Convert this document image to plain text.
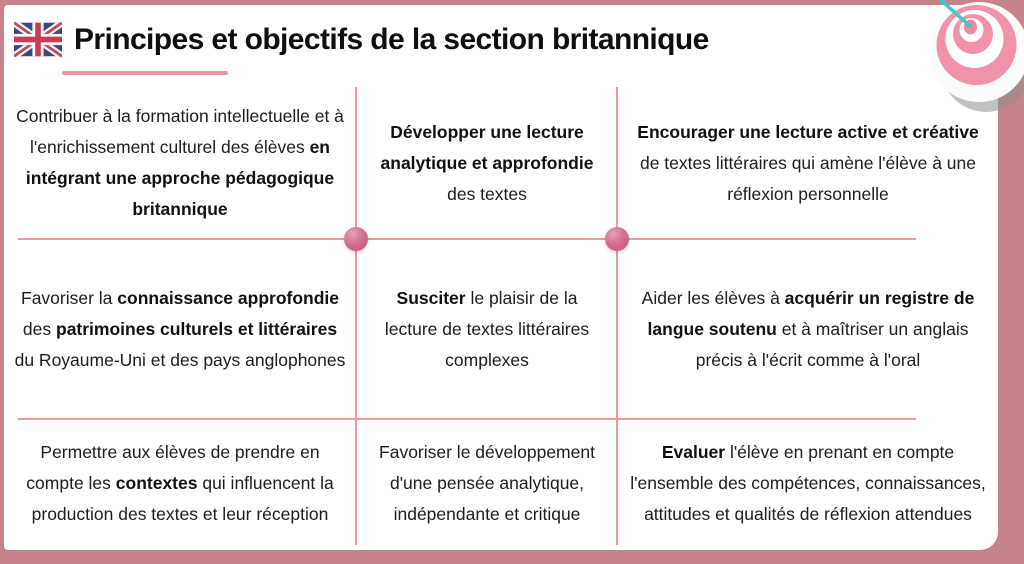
Principes et objectifs de la section britannique
Contribuer à la formation intellectuelle et à l'enrichissement culturel des élèves en intégrant une approche pédagogique britannique
Développer une lecture analytique et approfondie des textes
Encourager une lecture active et créative de textes littéraires qui amène l'élève à une réflexion personnelle
Favoriser la connaissance approfondie des patrimoines culturels et littéraires du Royaume-Uni et des pays anglophones
Susciter le plaisir de la lecture de textes littéraires complexes
Aider les élèves à acquérir un registre de langue soutenu et à maîtriser un anglais précis à l'écrit comme à l'oral
Permettre aux élèves de prendre en compte les contextes qui influencent la production des textes et leur réception
Favoriser le développement d'une pensée analytique, indépendante et critique
Evaluer l'élève en prenant en compte l'ensemble des compétences, connaissances, attitudes et qualités de réflexion attendues
